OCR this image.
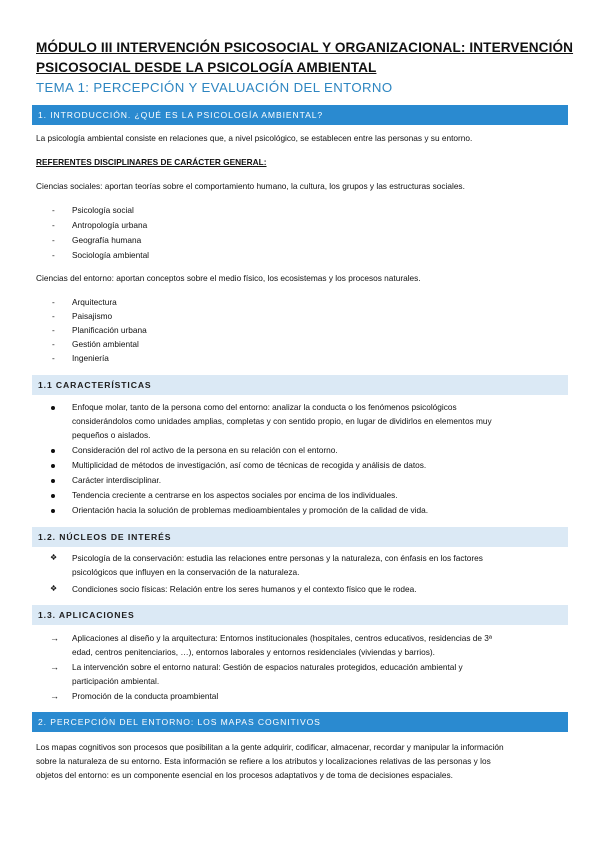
MÓDULO III INTERVENCIÓN PSICOSOCIAL Y ORGANIZACIONAL: INTERVENCIÓN
PSICOSOCIAL DESDE LA PSICOLOGÍA AMBIENTAL
TEMA 1: PERCEPCIÓN Y EVALUACIÓN DEL ENTORNO
1. INTRODUCCIÓN. ¿QUÉ ES LA PSICOLOGÍA AMBIENTAL?
La psicología ambiental consiste en relaciones que, a nivel psicológico, se establecen entre las personas y su entorno.
REFERENTES DISCIPLINARES DE CARÁCTER GENERAL:
Ciencias sociales: aportan teorías sobre el comportamiento humano, la cultura, los grupos y las estructuras sociales.
-	Psicología social
-	Antropología urbana
-	Geografía humana
-	Sociología ambiental
Ciencias del entorno: aportan conceptos sobre el medio físico, los ecosistemas y los procesos naturales.
-	Arquitectura
-	Paisajismo
-	Planificación urbana
-	Gestión ambiental
-	Ingeniería
1.1 CARACTERÍSTICAS
Enfoque molar, tanto de la persona como del entorno: analizar la conducta o los fenómenos psicológicos
considerándolos como unidades amplias, completas y con sentido propio, en lugar de dividirlos en elementos muy
pequeños o aislados.
Consideración del rol activo de la persona en su relación con el entorno.
Multiplicidad de métodos de investigación, así como de técnicas de recogida y análisis de datos.
Carácter interdisciplinar.
Tendencia creciente a centrarse en los aspectos sociales por encima de los individuales.
Orientación hacia la solución de problemas medioambientales y promoción de la calidad de vida.
1.2. NÚCLEOS DE INTERÉS
❖ Psicología de la conservación: estudia las relaciones entre personas y la naturaleza, con énfasis en los factores
psicológicos que influyen en la conservación de la naturaleza.
❖ Condiciones socio físicas: Relación entre los seres humanos y el contexto físico que le rodea.
1.3. APLICACIONES
→ Aplicaciones al diseño y la arquitectura: Entornos institucionales (hospitales, centros educativos, residencias de 3ª
edad, centros penitenciarios, …), entornos laborales y entornos residenciales (viviendas y barrios).
→ La intervención sobre el entorno natural: Gestión de espacios naturales protegidos, educación ambiental y
participación ambiental.
→ Promoción de la conducta proambiental
2. PERCEPCIÓN DEL ENTORNO: LOS MAPAS COGNITIVOS
Los mapas cognitivos son procesos que posibilitan a la gente adquirir, codificar, almacenar, recordar y manipular la información
sobre la naturaleza de su entorno. Esta información se refiere a los atributos y localizaciones relativas de las personas y los
objetos del entorno: es un componente esencial en los procesos adaptativos y de toma de decisiones espaciales.
